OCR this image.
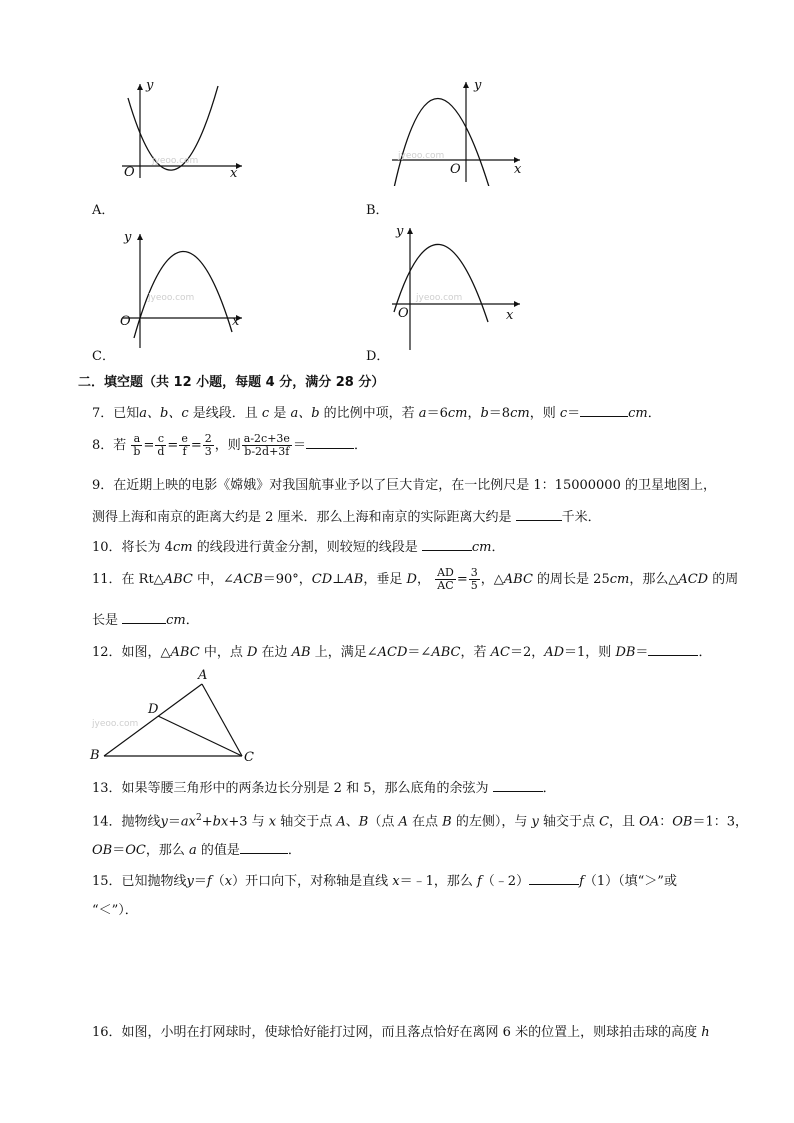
jyeoo.com
y
x
O
A．
jyeoo.com
y
x
O
B．
jyeoo.com
y
x
O
C．
jyeoo.com
y
x
O
D．
二．填空题（共 12 小题，每题 4 分，满分 28 分）
7．已知a、b、c 是线段．且 c 是 a、b 的比例中项，若 a＝6cm，b＝8cm，则 c＝	cm．
8．若 $\frac{a}{b} = \frac{c}{d} = \frac{e}{f} = \frac{2}{3}$ ，则 $\frac{a-2c+3e}{b-2d+3f}$ ＝	．
9．在近期上映的电影《嫦娥》对我国航事业予以了巨大肯定，在一比例尺是 1：15000000 的卫星地图上，
测得上海和南京的距离大约是 2 厘米．那么上海和南京的实际距离大约是	千米．
10．将长为 4cm 的线段进行黄金分割，则较短的线段是	cm．
11．在 Rt△ABC 中，∠ACB＝90°，CD⊥AB，垂足 D， $\frac{AD}{AC} = \frac{3}{5}$ ，△ABC 的周长是 25cm，那么△ACD 的周
长是	cm．
12．如图，△ABC 中，点 D 在边 AB 上，满足∠ACD＝∠ABC，若 AC＝2，AD＝1，则 DB＝	．
jyeoo.com
A
B	C
D
13．如果等腰三角形中的两条边长分别是 2 和 5，那么底角的余弦为	．
14．抛物线$y=ax^2+bx+3$ 与 x 轴交于点 A、B（点 A 在点 B 的左侧），与 y 轴交于点 C，且 OA：OB＝1：3，
OB＝OC，那么 a 的值是	．
15．已知抛物线y＝f（x）开口向下，对称轴是直线 x＝﹣1，那么 f（﹣2）	f（1）（填“＞”或
“＜”）．
16．如图，小明在打网球时，使球恰好能打过网，而且落点恰好在离网 6 米的位置上，则球拍击球的高度 h
